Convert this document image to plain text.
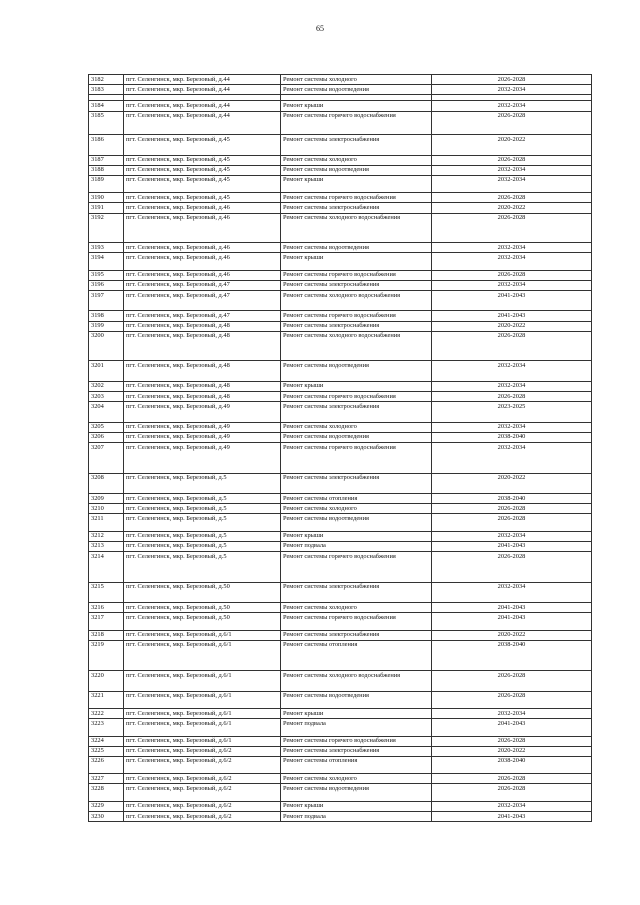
65
3182	пгт. Селенгинск, мкр. Березовый, д.44	Ремонт системы холодного	2026-2028
3183	пгт. Селенгинск, мкр. Березовый, д.44	Ремонт системы водоотведения	2032-2034

3184	пгт. Селенгинск, мкр. Березовый, д.44	Ремонт крыши	2032-2034
3185	пгт. Селенгинск, мкр. Березовый, д.44	Ремонт системы горячего водоснабжения	2026-2028
3186	пгт. Селенгинск, мкр. Березовый, д.45	Ремонт системы электроснабжения	2020-2022
3187	пгт. Селенгинск, мкр. Березовый, д.45	Ремонт системы холодного	2026-2028
3188	пгт. Селенгинск, мкр. Березовый, д.45	Ремонт системы водоотведения	2032-2034
3189	пгт. Селенгинск, мкр. Березовый, д.45	Ремонт крыши	2032-2034
3190	пгт. Селенгинск, мкр. Березовый, д.45	Ремонт системы горячего водоснабжения	2026-2028
3191	пгт. Селенгинск, мкр. Березовый, д.46	Ремонт системы электроснабжения	2020-2022
3192	пгт. Селенгинск, мкр. Березовый, д.46	Ремонт системы холодного водоснабжения	2026-2028
3193	пгт. Селенгинск, мкр. Березовый, д.46	Ремонт системы водоотведения	2032-2034
3194	пгт. Селенгинск, мкр. Березовый, д.46	Ремонт крыши	2032-2034
3195	пгт. Селенгинск, мкр. Березовый, д.46	Ремонт системы горячего водоснабжения	2026-2028
3196	пгт. Селенгинск, мкр. Березовый, д.47	Ремонт системы электроснабжения	2032-2034
3197	пгт. Селенгинск, мкр. Березовый, д.47	Ремонт системы холодного водоснабжения	2041-2043
3198	пгт. Селенгинск, мкр. Березовый, д.47	Ремонт системы горячего водоснабжения	2041-2043
3199	пгт. Селенгинск, мкр. Березовый, д.48	Ремонт системы электроснабжения	2020-2022
3200	пгт. Селенгинск, мкр. Березовый, д.48	Ремонт системы холодного водоснабжения	2026-2028
3201	пгт. Селенгинск, мкр. Березовый, д.48	Ремонт системы водоотведения	2032-2034
3202	пгт. Селенгинск, мкр. Березовый, д.48	Ремонт крыши	2032-2034
3203	пгт. Селенгинск, мкр. Березовый, д.48	Ремонт системы горячего водоснабжения	2026-2028
3204	пгт. Селенгинск, мкр. Березовый, д.49	Ремонт системы электроснабжения	2023-2025
3205	пгт. Селенгинск, мкр. Березовый, д.49	Ремонт системы холодного	2032-2034
3206	пгт. Селенгинск, мкр. Березовый, д.49	Ремонт системы водоотведения	2038-2040
3207	пгт. Селенгинск, мкр. Березовый, д.49	Ремонт системы горячего водоснабжения	2032-2034
3208	пгт. Селенгинск, мкр. Березовый, д.5	Ремонт системы электроснабжения	2020-2022
3209	пгт. Селенгинск, мкр. Березовый, д.5	Ремонт системы отопления	2038-2040
3210	пгт. Селенгинск, мкр. Березовый, д.5	Ремонт системы холодного	2026-2028
3211	пгт. Селенгинск, мкр. Березовый, д.5	Ремонт системы водоотведения	2026-2028
3212	пгт. Селенгинск, мкр. Березовый, д.5	Ремонт крыши	2032-2034
3213	пгт. Селенгинск, мкр. Березовый, д.5	Ремонт подвала	2041-2043
3214	пгт. Селенгинск, мкр. Березовый, д.5	Ремонт системы горячего водоснабжения	2026-2028
3215	пгт. Селенгинск, мкр. Березовый, д.50	Ремонт системы электроснабжения	2032-2034
3216	пгт. Селенгинск, мкр. Березовый, д.50	Ремонт системы холодного	2041-2043
3217	пгт. Селенгинск, мкр. Березовый, д.50	Ремонт системы горячего водоснабжения	2041-2043
3218	пгт. Селенгинск, мкр. Березовый, д.6/1	Ремонт системы электроснабжения	2020-2022
3219	пгт. Селенгинск, мкр. Березовый, д.6/1	Ремонт системы отопления	2038-2040
3220	пгт. Селенгинск, мкр. Березовый, д.6/1	Ремонт системы холодного водоснабжения	2026-2028
3221	пгт. Селенгинск, мкр. Березовый, д.6/1	Ремонт системы водоотведения	2026-2028
3222	пгт. Селенгинск, мкр. Березовый, д.6/1	Ремонт крыши	2032-2034
3223	пгт. Селенгинск, мкр. Березовый, д.6/1	Ремонт подвала	2041-2043
3224	пгт. Селенгинск, мкр. Березовый, д.6/1	Ремонт системы горячего водоснабжения	2026-2028
3225	пгт. Селенгинск, мкр. Березовый, д.6/2	Ремонт системы электроснабжения	2020-2022
3226	пгт. Селенгинск, мкр. Березовый, д.6/2	Ремонт системы отопления	2038-2040
3227	пгт. Селенгинск, мкр. Березовый, д.6/2	Ремонт системы холодного	2026-2028
3228	пгт. Селенгинск, мкр. Березовый, д.6/2	Ремонт системы водоотведения	2026-2028
3229	пгт. Селенгинск, мкр. Березовый, д.6/2	Ремонт крыши	2032-2034
3230	пгт. Селенгинск, мкр. Березовый, д.6/2	Ремонт подвала	2041-2043
